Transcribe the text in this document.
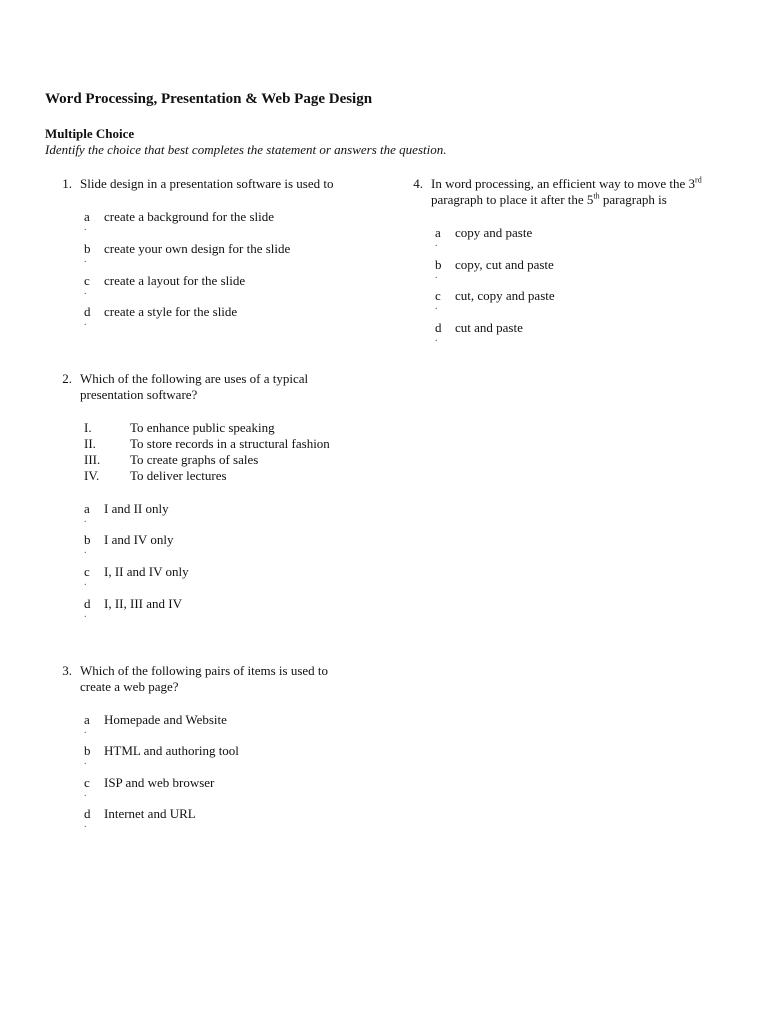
Word Processing, Presentation & Web Page Design
Multiple Choice
Identify the choice that best completes the statement or answers the question.
1. Slide design in a presentation software is used to
a
.
create a background for the slide
b
.
create your own design for the slide
c
.
create a layout for the slide
d
.
create a style for the slide
2. Which of the following are uses of a typical
presentation software?
I.	To enhance public speaking
II.	To store records in a structural fashion
III. To create graphs of sales
IV. To deliver lectures
a
.
I and II only
b
.
I and IV only
c
.
I, II and IV only
d
.
I, II, III and IV
3. Which of the following pairs of items is used to
create a web page?
a
.
Homepade and Website
b
.
HTML and authoring tool
c
.
ISP and web browser
d
.
Internet and URL
4. In word processing, an efficient way to move the 3rd
paragraph to place it after the 5th paragraph is
a
.
copy and paste
b
.
copy, cut and paste
c
.
cut, copy and paste
d
.
cut and paste
